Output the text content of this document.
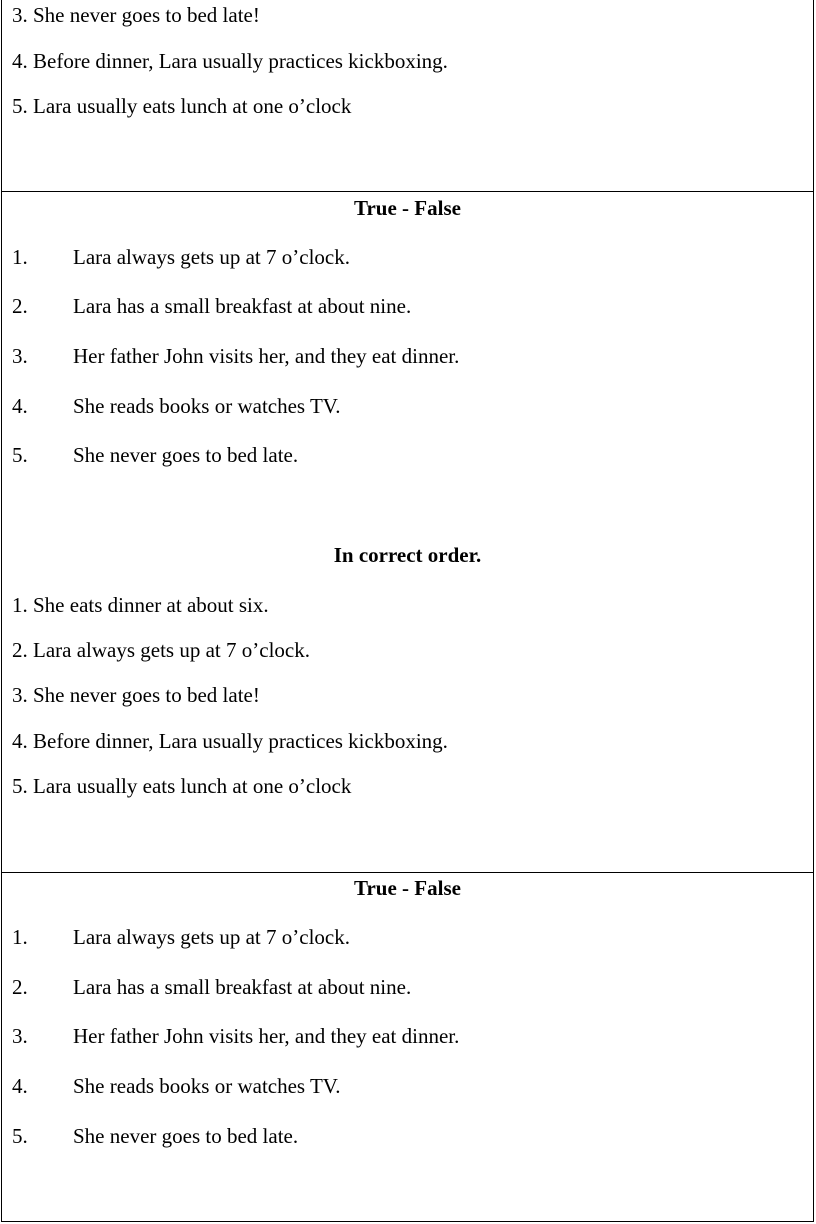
3. She never goes to bed late!
4. Before dinner, Lara usually practices kickboxing.
5. Lara usually eats lunch at one o’clock
True - False
1. Lara always gets up at 7 o’clock.
2. Lara has a small breakfast at about nine.
3. Her father John visits her, and they eat dinner.
4. She reads books or watches TV.
5. She never goes to bed late.
In correct order.
1. She eats dinner at about six.
2. Lara always gets up at 7 o’clock.
3. She never goes to bed late!
4. Before dinner, Lara usually practices kickboxing.
5. Lara usually eats lunch at one o’clock
True - False
1. Lara always gets up at 7 o’clock.
2. Lara has a small breakfast at about nine.
3. Her father John visits her, and they eat dinner.
4. She reads books or watches TV.
5. She never goes to bed late.
